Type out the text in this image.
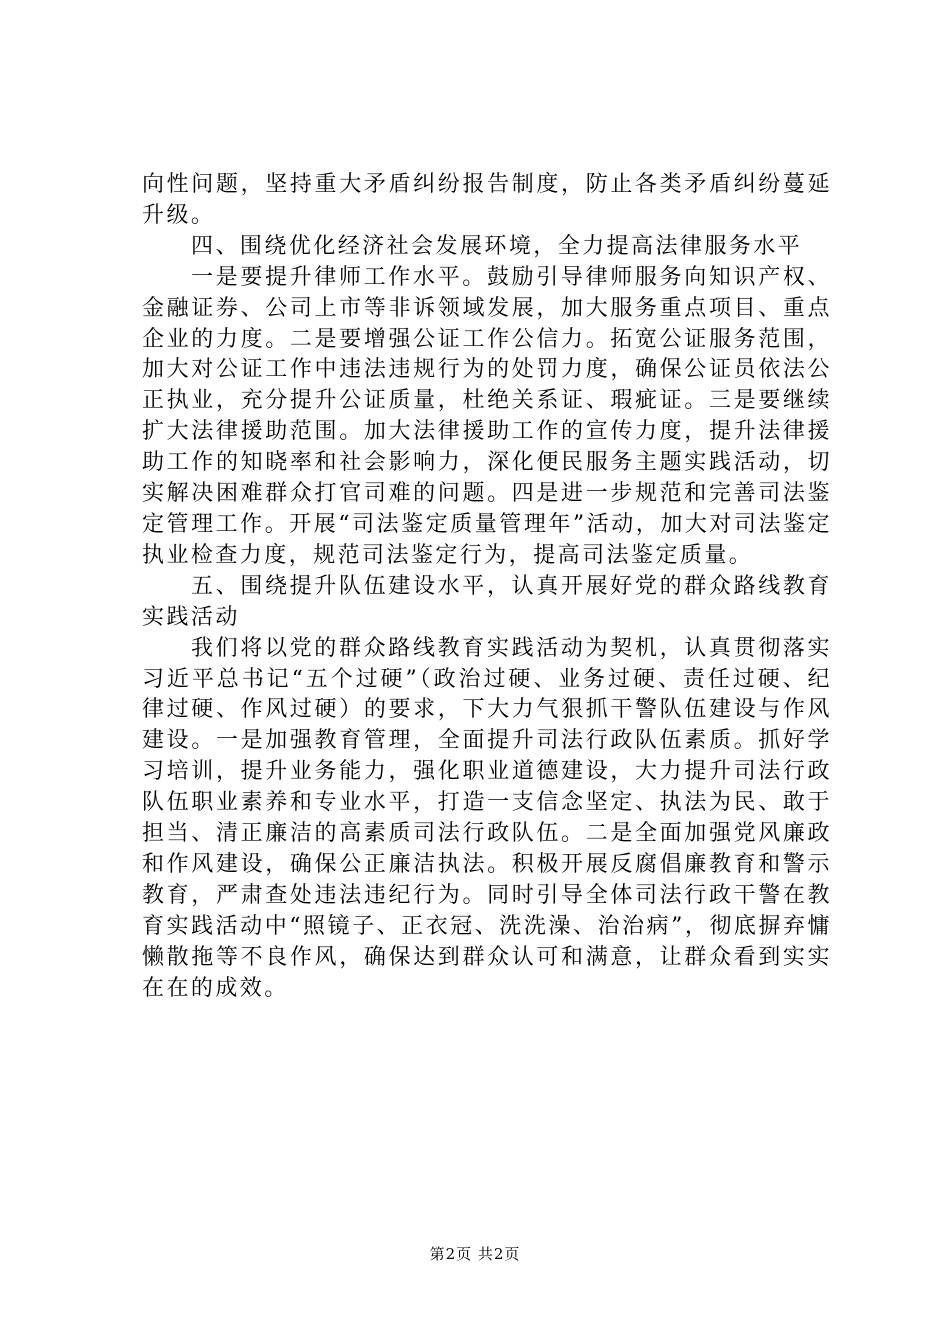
向性问题，坚持重大矛盾纠纷报告制度，防止各类矛盾纠纷蔓延升级。

四、围绕优化经济社会发展环境，全力提高法律服务水平

一是要提升律师工作水平。鼓励引导律师服务向知识产权、金融证券、公司上市等非诉领域发展，加大服务重点项目、重点企业的力度。二是要增强公证工作公信力。拓宽公证服务范围，加大对公证工作中违法违规行为的处罚力度，确保公证员依法公正执业，充分提升公证质量，杜绝关系证、瑕疵证。三是要继续扩大法律援助范围。加大法律援助工作的宣传力度，提升法律援助工作的知晓率和社会影响力，深化便民服务主题实践活动，切实解决困难群众打官司难的问题。四是进一步规范和完善司法鉴定管理工作。开展“司法鉴定质量管理年”活动，加大对司法鉴定执业检查力度，规范司法鉴定行为，提高司法鉴定质量。

五、围绕提升队伍建设水平，认真开展好党的群众路线教育实践活动

我们将以党的群众路线教育实践活动为契机，认真贯彻落实习近平总书记“五个过硬”（政治过硬、业务过硬、责任过硬、纪律过硬、作风过硬）的要求，下大力气狠抓干警队伍建设与作风建设。一是加强教育管理，全面提升司法行政队伍素质。抓好学习培训，提升业务能力，强化职业道德建设，大力提升司法行政队伍职业素养和专业水平，打造一支信念坚定、执法为民、敢于担当、清正廉洁的高素质司法行政队伍。二是全面加强党风廉政和作风建设，确保公正廉洁执法。积极开展反腐倡廉教育和警示教育，严肃查处违法违纪行为。同时引导全体司法行政干警在教育实践活动中“照镜子、正衣冠、洗洗澡、治治病”，彻底摒弃慵懒散拖等不良作风，确保达到群众认可和满意，让群众看到实实在在的成效。

第2页 共2页
